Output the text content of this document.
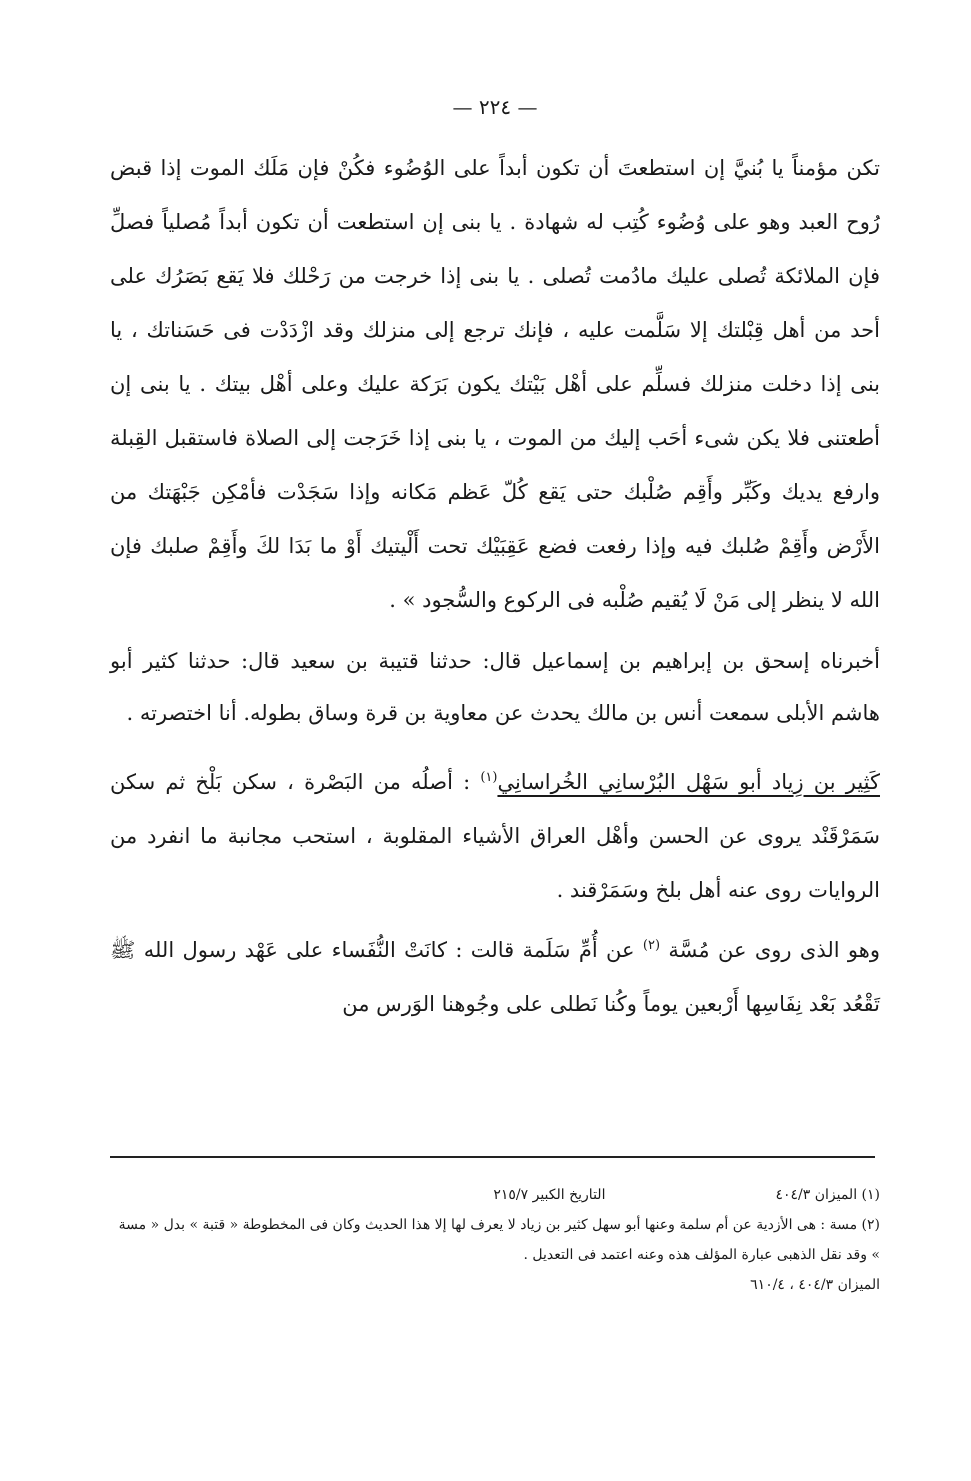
— ٢٢٤ —

تكن مؤمناً يا بُنيَّ إن استطعتَ أن تكون أبداً على الوُضُوء فكُنْ فإن مَلَك الموت إذا قبض رُوح العبد وهو على وُضُوء كُتِب له شهادة . يا بنى إن استطعت أن تكون أبداً مُصلياً فصلِّ فإن الملائكة تُصلى عليك مادُمت تُصلى . يا بنى إذا خرجت من رَحْلك فلا يَقع بَصَرُك على أحد من أهل قِبْلتك إلا سَلَّمت عليه ، فإنك ترجع إلى منزلك وقد ازْدَدْت فى حَسَناتك ، يا بنى إذا دخلت منزلك فسلِّم على أهْل بَيْتك يكون بَرَكة عليك وعلى أهْل بيتك . يا بنى إن أطعتنى فلا يكن شىء أحَب إليك من الموت ، يا بنى إذا خَرَجت إلى الصلاة فاستقبل القِبلة وارفع يديك وكَبِّر وأَقِم صُلْبك حتى يَقع كُلّ عَظم مَكانه وإذا سَجَدْت فأمْكِن جَبْهَتك من الأَرْض وأَقِمْ صُلبك فيه وإذا رفعت فضع عَقِبَيْك تحت أَلْيتيك أَوْ ما بَدَا لكَ وأَقِمْ صلبك فإن الله لا ينظر إلى مَنْ لَا يُقيم صُلْبه فى الركوع والسُّجود » .

أخبرناه إسحق بن إبراهيم بن إسماعيل قال: حدثنا قتيبة بن سعيد قال: حدثنا كثير أبو هاشم الأبلى سمعت أنس بن مالك يحدث عن معاوية بن قرة وساق بطوله. أنا اختصرته .

كَثِير بن زِياد أبو سَهْل البُرْسانِي الخُراسانِي$^{(١)}$ : أصلُه من البَصْرة ، سكن بَلْخ ثم سكن سَمَرْقَنْد يروى عن الحسن وأهْل العراق الأشياء المقلوبة ، استحب مجانبة ما انفرد من الروايات روى عنه أهل بلخ وسَمَرْقند .

وهو الذى روى عن مُسَّة $^{(٢)}$ عن أُمِّ سَلَمة قالت : كانَتْ النُّفَساء على عَهْد رسول الله ﷺ تَقْعُد بَعْد نِفَاسِها أَرْبعين يوماً وكُنا نَطلى على وجُوهنا الوَرس من

(١) الميزان ٤٠٤/٣
التاريخ الكبير ٢١٥/٧

(٢) مسة : هى الأزدية عن أم سلمة وعنها أبو سهل كثير بن زياد لا يعرف لها إلا هذا الحديث وكان فى المخطوطة « قتبة » بدل « مسة » وقد نقل الذهبى عبارة المؤلف هذه وعنه اعتمد فى التعديل .

الميزان ٤٠٤/٣ ، ٦١٠/٤
